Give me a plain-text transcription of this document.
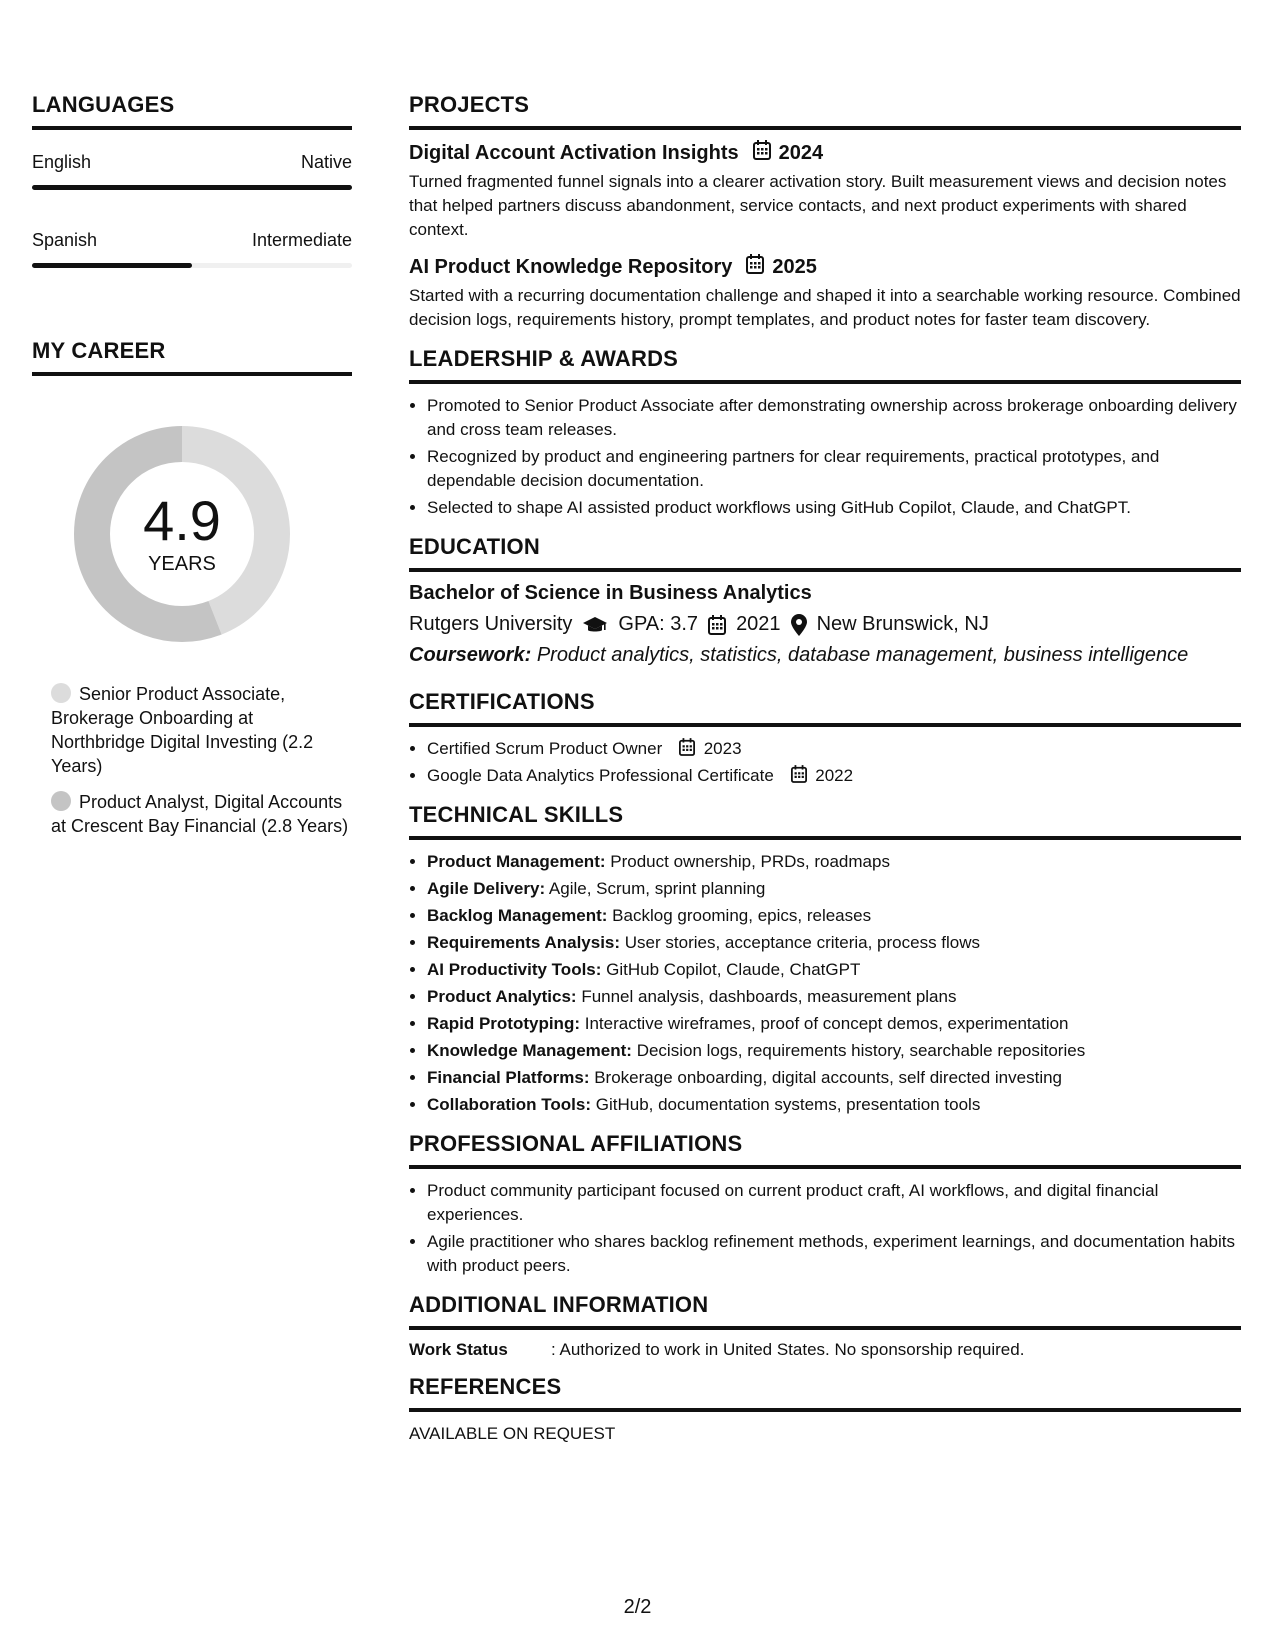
LANGUAGES
English	Native
Spanish	Intermediate
MY CAREER
4.9
YEARS
Senior Product Associate, Brokerage Onboarding at Northbridge Digital Investing (2.2 Years)
Product Analyst, Digital Accounts at Crescent Bay Financial (2.8 Years)
PROJECTS
Digital Account Activation Insights 2024
Turned fragmented funnel signals into a clearer activation story. Built measurement views and decision notes that helped partners discuss abandonment, service contacts, and next product experiments with shared context.
AI Product Knowledge Repository 2025
Started with a recurring documentation challenge and shaped it into a searchable working resource. Combined decision logs, requirements history, prompt templates, and product notes for faster team discovery.
LEADERSHIP & AWARDS
• Promoted to Senior Product Associate after demonstrating ownership across brokerage onboarding delivery and cross team releases.
• Recognized by product and engineering partners for clear requirements, practical prototypes, and dependable decision documentation.
• Selected to shape AI assisted product workflows using GitHub Copilot, Claude, and ChatGPT.
EDUCATION
Bachelor of Science in Business Analytics
Rutgers University GPA: 3.7 2021 New Brunswick, NJ
Coursework: Product analytics, statistics, database management, business intelligence
CERTIFICATIONS
• Certified Scrum Product Owner 2023
• Google Data Analytics Professional Certificate 2022
TECHNICAL SKILLS
• Product Management: Product ownership, PRDs, roadmaps
• Agile Delivery: Agile, Scrum, sprint planning
• Backlog Management: Backlog grooming, epics, releases
• Requirements Analysis: User stories, acceptance criteria, process flows
• AI Productivity Tools: GitHub Copilot, Claude, ChatGPT
• Product Analytics: Funnel analysis, dashboards, measurement plans
• Rapid Prototyping: Interactive wireframes, proof of concept demos, experimentation
• Knowledge Management: Decision logs, requirements history, searchable repositories
• Financial Platforms: Brokerage onboarding, digital accounts, self directed investing
• Collaboration Tools: GitHub, documentation systems, presentation tools
PROFESSIONAL AFFILIATIONS
• Product community participant focused on current product craft, AI workflows, and digital financial experiences.
• Agile practitioner who shares backlog refinement methods, experiment learnings, and documentation habits with product peers.
ADDITIONAL INFORMATION
Work Status	: Authorized to work in United States. No sponsorship required.
REFERENCES
AVAILABLE ON REQUEST
2/2
